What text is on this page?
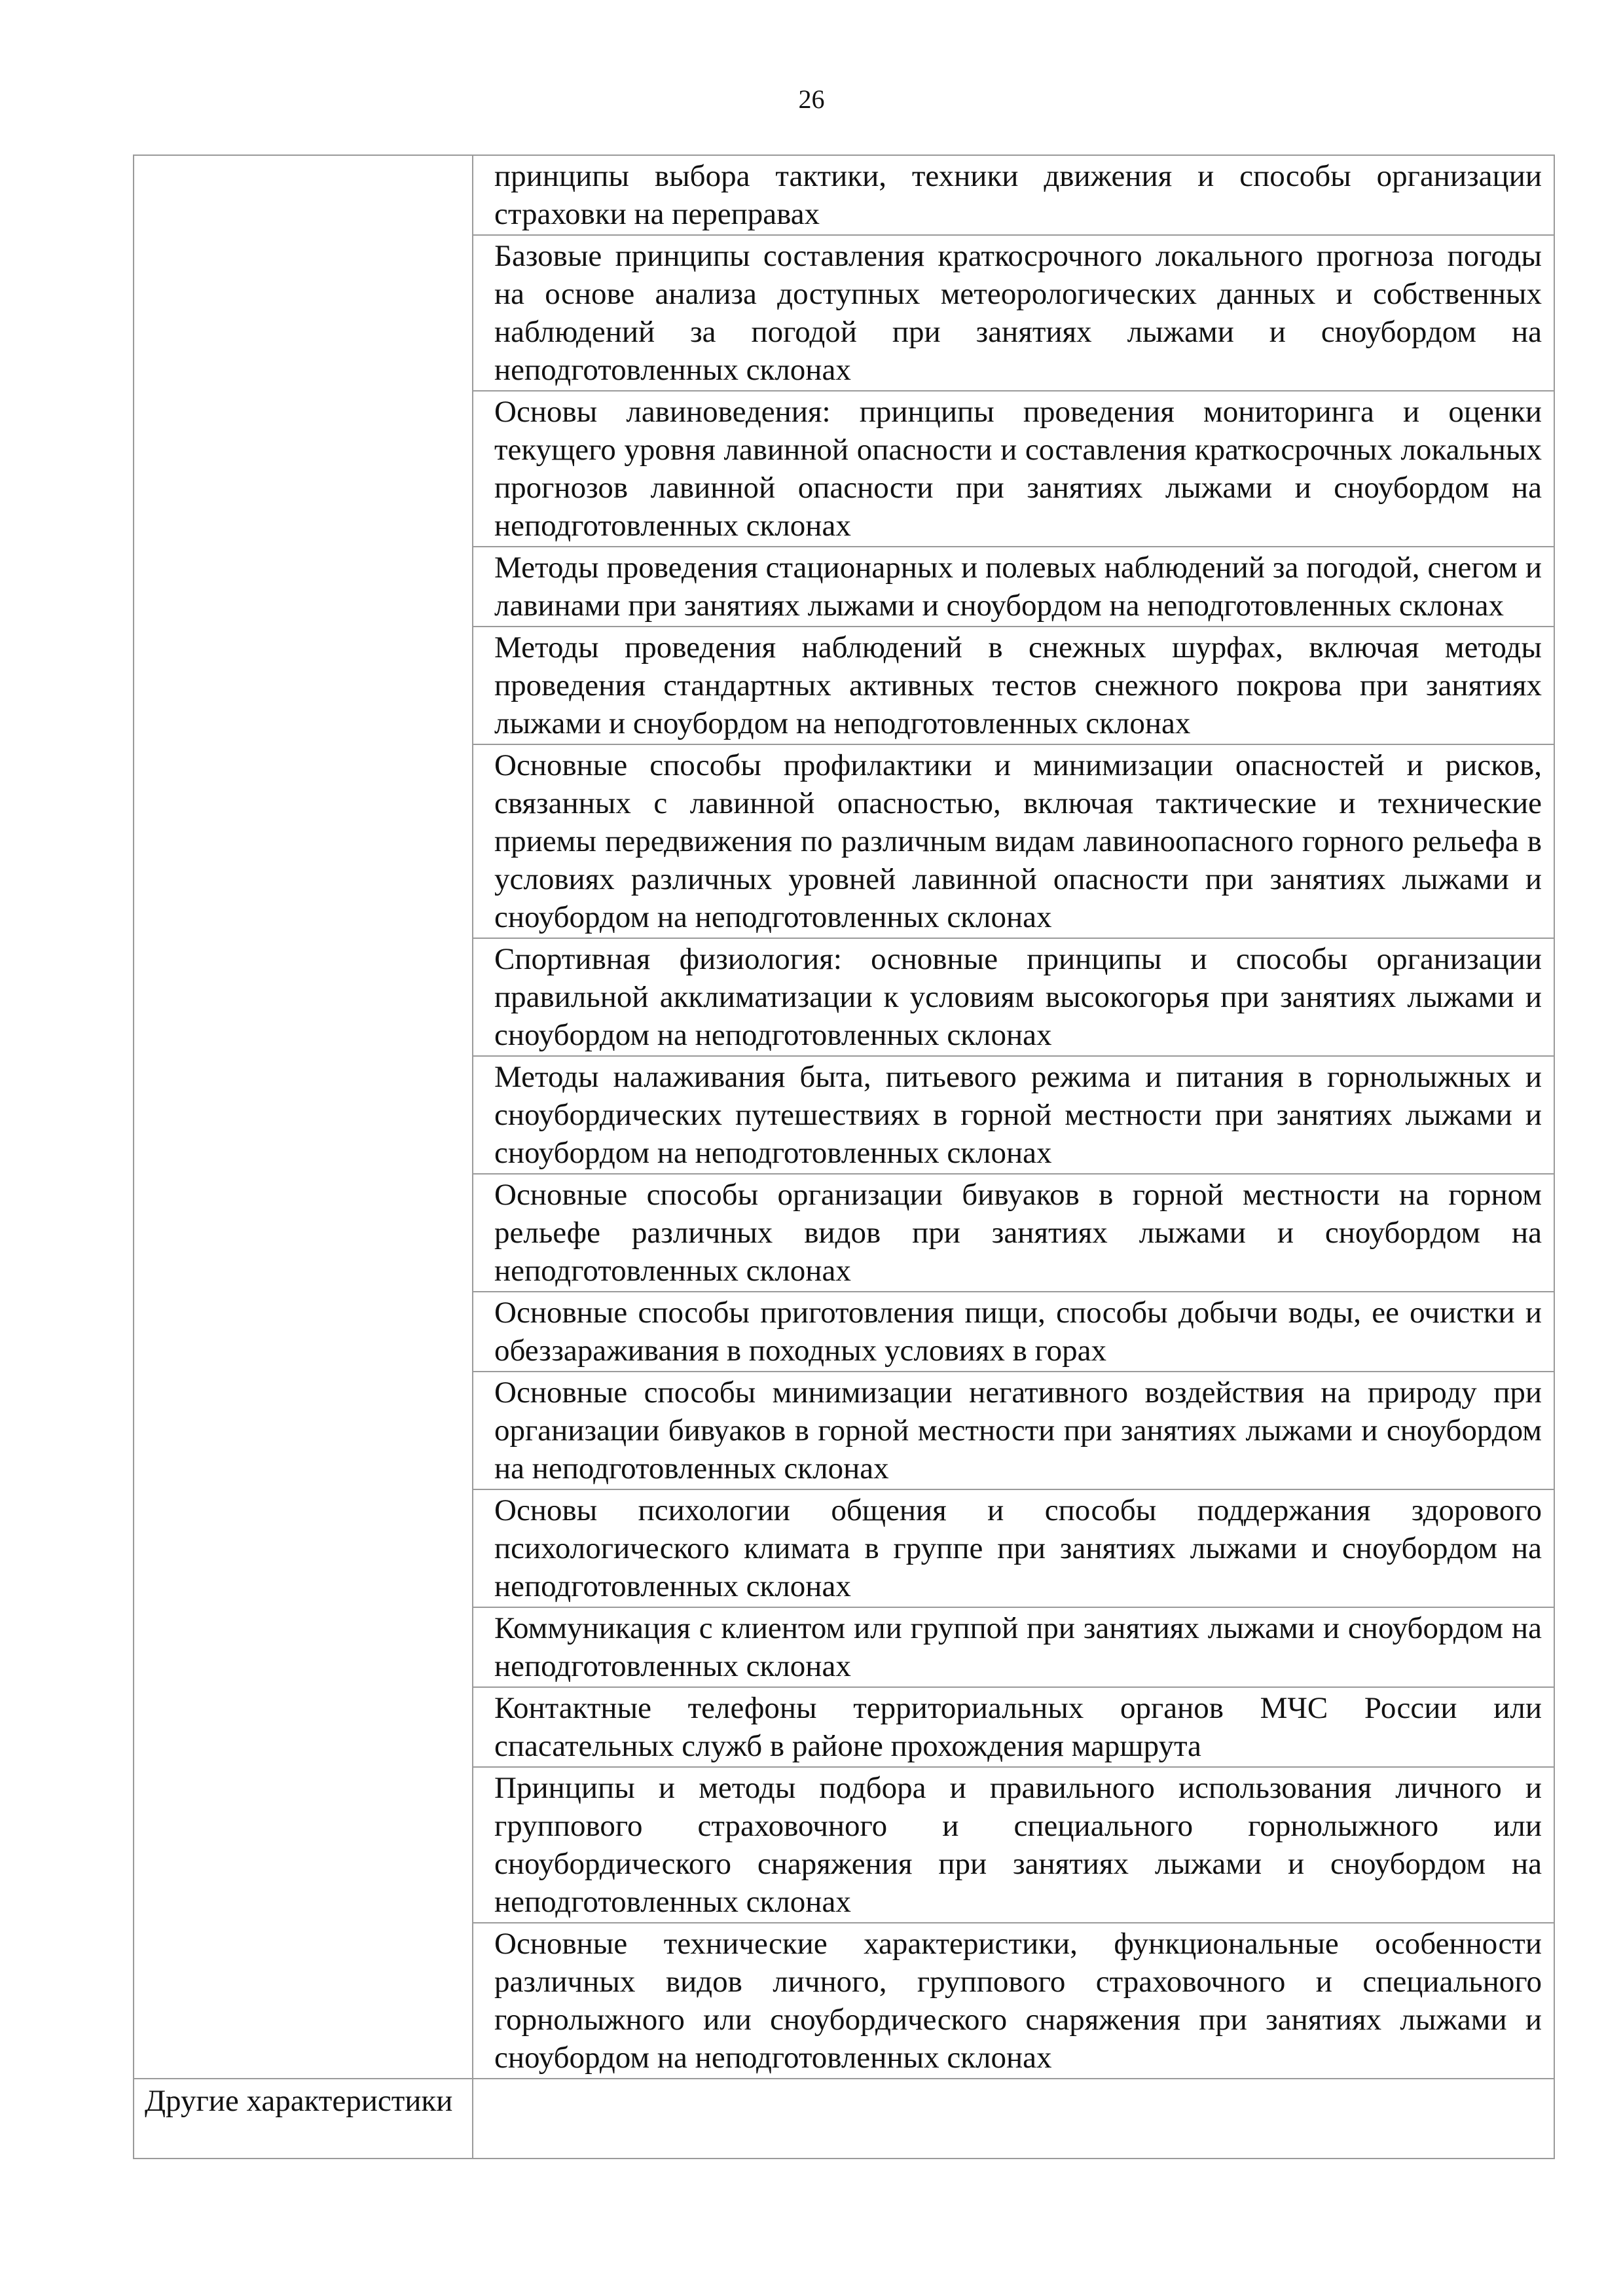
26
	принципы выбора тактики, техники движения и способы организации страховки на переправах
	Базовые принципы составления краткосрочного локального прогноза погоды на основе анализа доступных метеорологических данных и собственных наблюдений за погодой при занятиях лыжами и сноубордом на неподготовленных склонах
	Основы лавиноведения: принципы проведения мониторинга и оценки текущего уровня лавинной опасности и составления краткосрочных локальных прогнозов лавинной опасности при занятиях лыжами и сноубордом на неподготовленных склонах
	Методы проведения стационарных и полевых наблюдений за погодой, снегом и лавинами при занятиях лыжами и сноубордом на неподготовленных склонах
	Методы проведения наблюдений в снежных шурфах, включая методы проведения стандартных активных тестов снежного покрова при занятиях лыжами и сноубордом на неподготовленных склонах
	Основные способы профилактики и минимизации опасностей и рисков, связанных с лавинной опасностью, включая тактические и технические приемы передвижения по различным видам лавиноопасного горного рельефа в условиях различных уровней лавинной опасности при занятиях лыжами и сноубордом на неподготовленных склонах
	Спортивная физиология: основные принципы и способы организации правильной акклиматизации к условиям высокогорья при занятиях лыжами и сноубордом на неподготовленных склонах
	Методы налаживания быта, питьевого режима и питания в горнолыжных и сноубордических путешествиях в горной местности при занятиях лыжами и сноубордом на неподготовленных склонах
	Основные способы организации бивуаков в горной местности на горном рельефе различных видов при занятиях лыжами и сноубордом на неподготовленных склонах
	Основные способы приготовления пищи, способы добычи воды, ее очистки и обеззараживания в походных условиях в горах
	Основные способы минимизации негативного воздействия на природу при организации бивуаков в горной местности при занятиях лыжами и сноубордом на неподготовленных склонах
	Основы психологии общения и способы поддержания здорового психологического климата в группе при занятиях лыжами и сноубордом на неподготовленных склонах
	Коммуникация с клиентом или группой при занятиях лыжами и сноубордом на неподготовленных склонах
	Контактные телефоны территориальных органов МЧС России или спасательных служб в районе прохождения маршрута
	Принципы и методы подбора и правильного использования личного и группового страховочного и специального горнолыжного или сноубордического снаряжения при занятиях лыжами и сноубордом на неподготовленных склонах
	Основные технические характеристики, функциональные особенности различных видов личного, группового страховочного и специального горнолыжного или сноубордического снаряжения при занятиях лыжами и сноубордом на неподготовленных склонах
Другие характеристики	
